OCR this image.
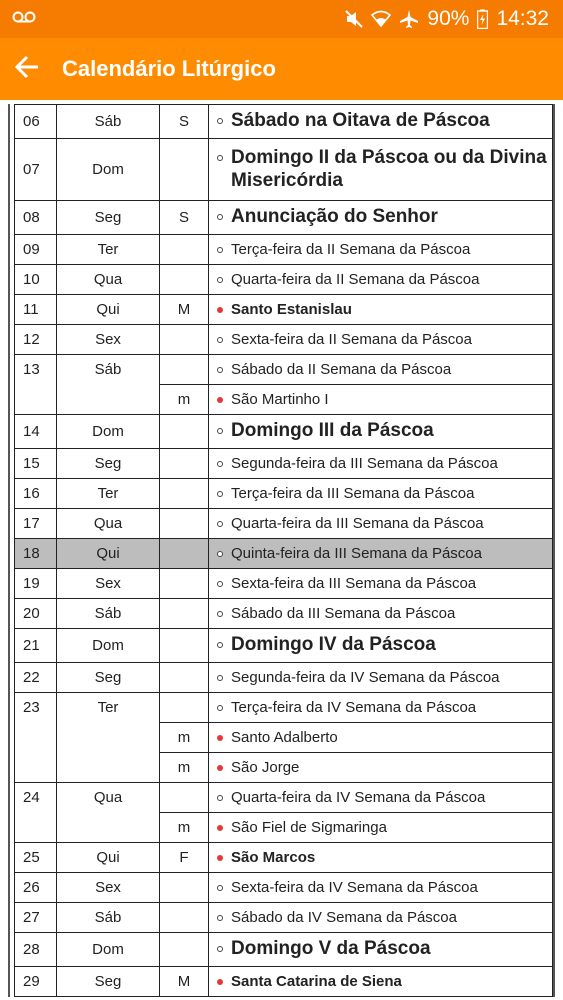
90% 14:32
Calendário Litúrgico
06	Sáb	S	Sábado na Oitava de Páscoa

07	Dom		Domingo II da Páscoa ou da Divina Misericórdia

08	Seg	S	Anunciação do Senhor

09	Ter		Terça-feira da II Semana da Páscoa

10	Qua		Quarta-feira da II Semana da Páscoa

11	Qui	M	Santo Estanislau

12	Sex		Sexta-feira da II Semana da Páscoa

13	Sáb		Sábado da II Semana da Páscoa

		m	São Martinho I

14	Dom		Domingo III da Páscoa

15	Seg		Segunda-feira da III Semana da Páscoa

16	Ter		Terça-feira da III Semana da Páscoa

17	Qua		Quarta-feira da III Semana da Páscoa

18	Qui		Quinta-feira da III Semana da Páscoa

19	Sex		Sexta-feira da III Semana da Páscoa

20	Sáb		Sábado da III Semana da Páscoa

21	Dom		Domingo IV da Páscoa

22	Seg		Segunda-feira da IV Semana da Páscoa

23	Ter		Terça-feira da IV Semana da Páscoa

		m	Santo Adalberto

		m	São Jorge

24	Qua		Quarta-feira da IV Semana da Páscoa

		m	São Fiel de Sigmaringa

25	Qui	F	São Marcos

26	Sex		Sexta-feira da IV Semana da Páscoa

27	Sáb		Sábado da IV Semana da Páscoa

28	Dom		Domingo V da Páscoa

29	Seg	M	Santa Catarina de Siena
